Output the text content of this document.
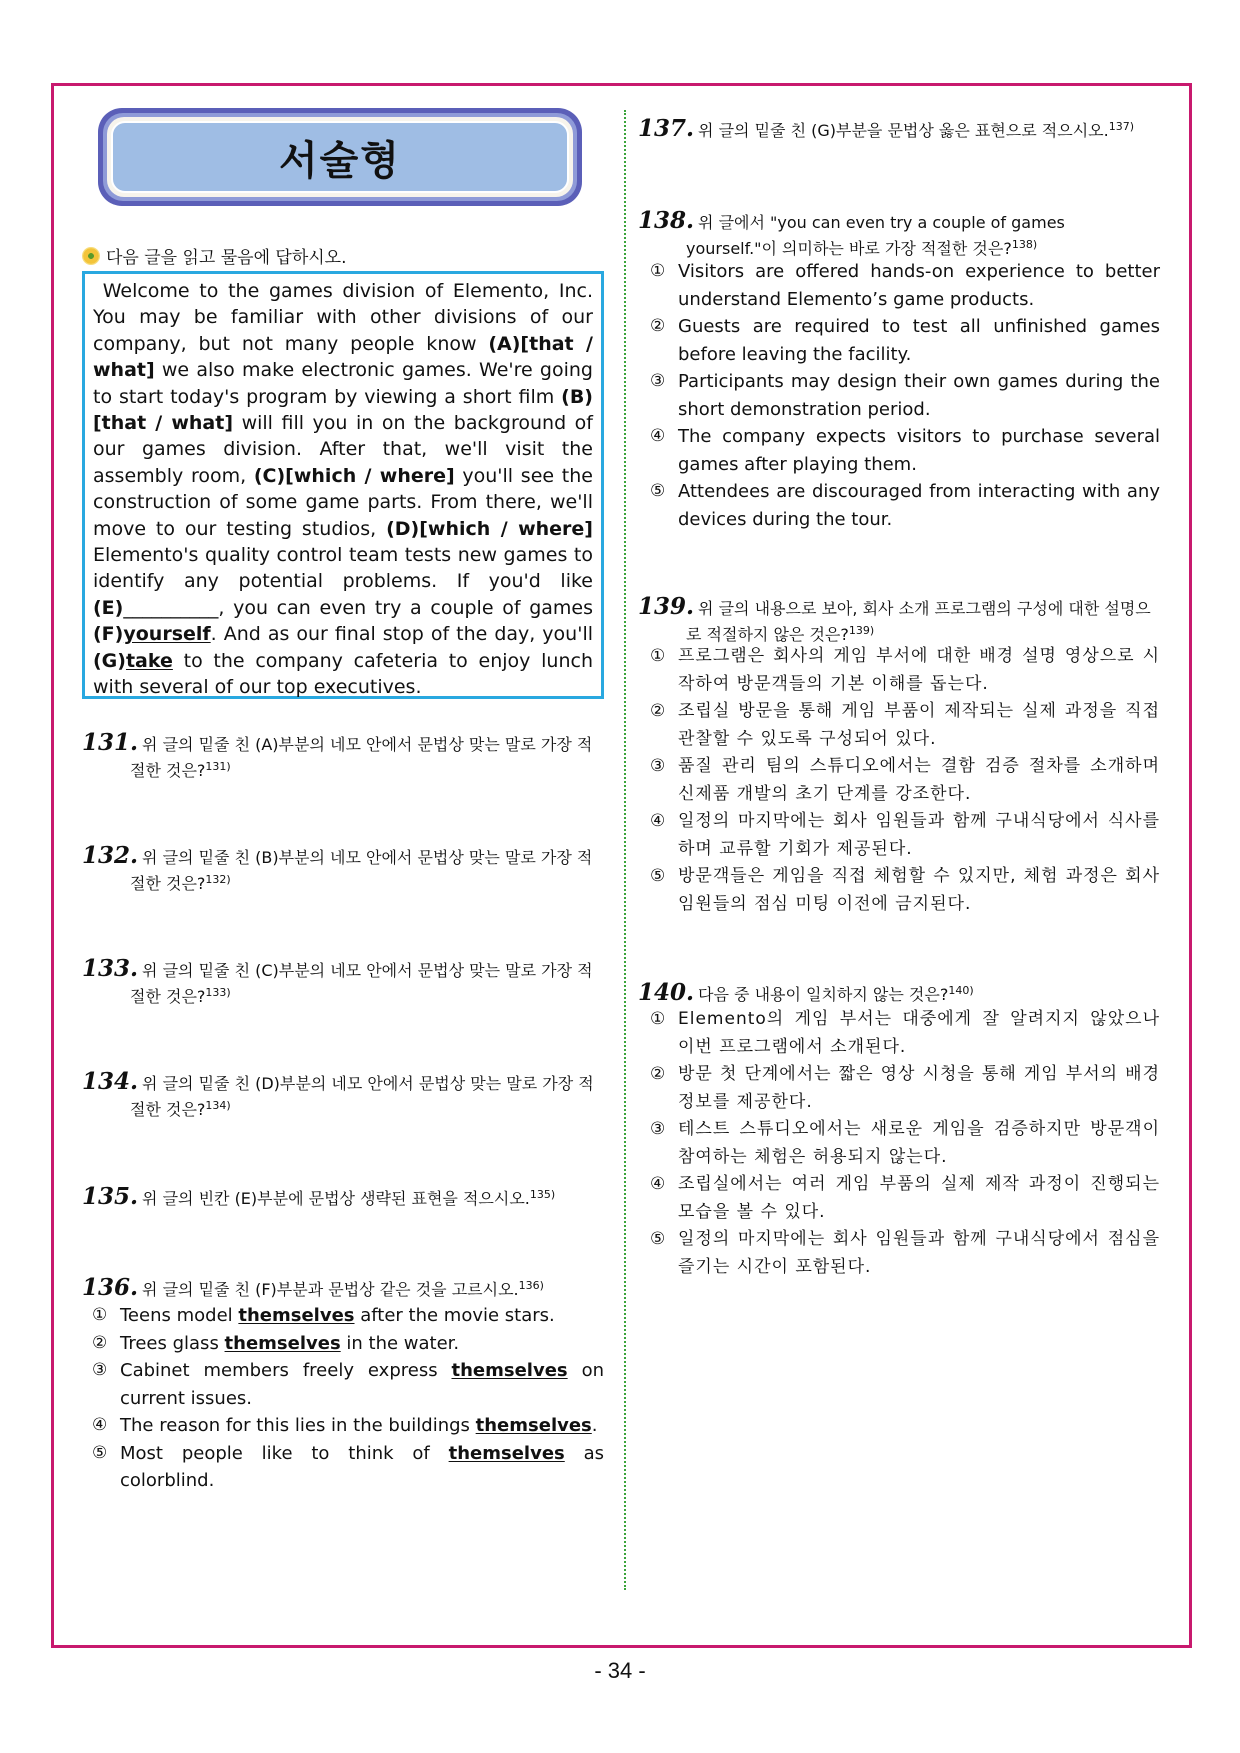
서술형
다음 글을 읽고 물음에 답하시오.
Welcome to the games division of Elemento, Inc. You may be familiar with other divisions of our company, but not many people know (A)[that / what] we also make electronic games. We're going to start today's program by viewing a short film (B)[that / what] will fill you in on the background of our games division. After that, we'll visit the assembly room, (C)[which / where] you'll see the construction of some game parts. From there, we'll move to our testing studios, (D)[which / where] Elemento's quality control team tests new games to identify any potential problems. If you'd like (E)__________, you can even try a couple of games (F)yourself. And as our final stop of the day, you'll (G)take to the company cafeteria to enjoy lunch with several of our top executives.
131. 위 글의 밑줄 친 (A)부분의 네모 안에서 문법상 맞는 말로 가장 적
절한 것은?$^{131)}$
132. 위 글의 밑줄 친 (B)부분의 네모 안에서 문법상 맞는 말로 가장 적
절한 것은?$^{132)}$
133. 위 글의 밑줄 친 (C)부분의 네모 안에서 문법상 맞는 말로 가장 적
절한 것은?$^{133)}$
134. 위 글의 밑줄 친 (D)부분의 네모 안에서 문법상 맞는 말로 가장 적
절한 것은?$^{134)}$
135. 위 글의 빈칸 (E)부분에 문법상 생략된 표현을 적으시오.$^{135)}$
136. 위 글의 밑줄 친 (F)부분과 문법상 같은 것을 고르시오.$^{136)}$
① Teens model themselves after the movie stars.
② Trees glass themselves in the water.
③ Cabinet members freely express themselves on current issues.
④ The reason for this lies in the buildings themselves.
⑤ Most people like to think of themselves as colorblind.
137. 위 글의 밑줄 친 (G)부분을 문법상 옳은 표현으로 적으시오.$^{137)}$
138. 위 글에서 "you can even try a couple of games
yourself."이 의미하는 바로 가장 적절한 것은?$^{138)}$
① Visitors are offered hands-on experience to better understand Elemento’s game products.
② Guests are required to test all unfinished games before leaving the facility.
③ Participants may design their own games during the short demonstration period.
④ The company expects visitors to purchase several games after playing them.
⑤ Attendees are discouraged from interacting with any devices during the tour.
139. 위 글의 내용으로 보아, 회사 소개 프로그램의 구성에 대한 설명으
로 적절하지 않은 것은?$^{139)}$
① 프로그램은 회사의 게임 부서에 대한 배경 설명 영상으로 시작하여 방문객들의 기본 이해를 돕는다.
② 조립실 방문을 통해 게임 부품이 제작되는 실제 과정을 직접 관찰할 수 있도록 구성되어 있다.
③ 품질 관리 팀의 스튜디오에서는 결함 검증 절차를 소개하며 신제품 개발의 초기 단계를 강조한다.
④ 일정의 마지막에는 회사 임원들과 함께 구내식당에서 식사를 하며 교류할 기회가 제공된다.
⑤ 방문객들은 게임을 직접 체험할 수 있지만, 체험 과정은 회사 임원들의 점심 미팅 이전에 금지된다.
140. 다음 중 내용이 일치하지 않는 것은?$^{140)}$
① Elemento의 게임 부서는 대중에게 잘 알려지지 않았으나 이번 프로그램에서 소개된다.
② 방문 첫 단계에서는 짧은 영상 시청을 통해 게임 부서의 배경 정보를 제공한다.
③ 테스트 스튜디오에서는 새로운 게임을 검증하지만 방문객이 참여하는 체험은 허용되지 않는다.
④ 조립실에서는 여러 게임 부품의 실제 제작 과정이 진행되는 모습을 볼 수 있다.
⑤ 일정의 마지막에는 회사 임원들과 함께 구내식당에서 점심을 즐기는 시간이 포함된다.
- 34 -
